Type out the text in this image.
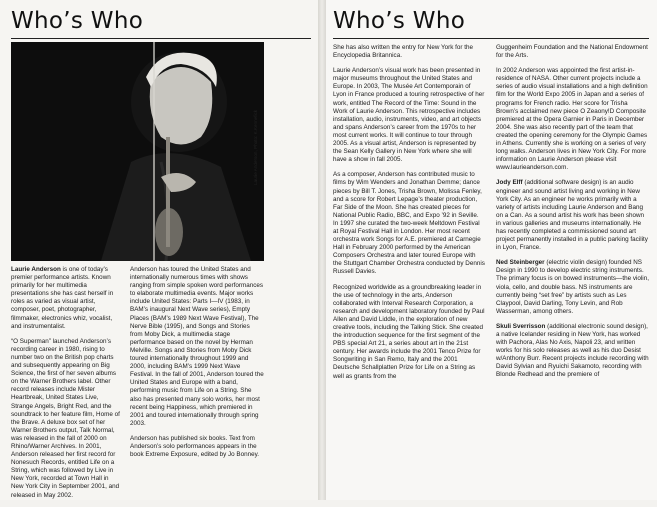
Who’s Who
Laurie Anderson, Photo: K.Kennefick

Laurie Anderson is one of today’s premier performance artists. Known primarily for her multimedia presentations she has cast herself in roles as varied as visual artist, composer, poet, photographer, filmmaker, electronics whiz, vocalist, and instrumentalist.

“O Superman” launched Anderson’s recording career in 1980, rising to number two on the British pop charts and subsequently appearing on Big Science, the first of her seven albums on the Warner Brothers label. Other record releases include Mister Heartbreak, United States Live, Strange Angels, Bright Red, and the soundtrack to her feature film, Home of the Brave. A deluxe box set of her Warner Brothers output, Talk Normal, was released in the fall of 2000 on Rhino/Warner Archives. In 2001, Anderson released her first record for Nonesuch Records, entitled Life on a String, which was followed by Live in New York, recorded at Town Hall in New York City in September 2001, and released in May 2002.

Anderson has toured the United States and internationally numerous times with shows ranging from simple spoken word performances to elaborate multimedia events. Major works include United States: Parts I—IV (1983, in BAM’s inaugural Next Wave series), Empty Places (BAM’s 1989 Next Wave Festival), The Nerve Bible (1995), and Songs and Stories from Moby Dick, a multimedia stage performance based on the novel by Herman Melville. Songs and Stories from Moby Dick toured internationally throughout 1999 and 2000, including BAM’s 1999 Next Wave Festival. In the fall of 2001, Anderson toured the United States and Europe with a band, performing music from Life on a String. She also has presented many solo works, her most recent being Happiness, which premiered in 2001 and toured internationally through spring 2003.

Anderson has published six books. Text from Anderson’s solo performances appears in the book Extreme Exposure, edited by Jo Bonney.

Who’s Who

She has also written the entry for New York for the Encyclopedia Britannica.

Laurie Anderson’s visual work has been presented in major museums throughout the United States and Europe. In 2003, The Musée Art Contemporain of Lyon in France produced a touring retrospective of her work, entitled The Record of the Time: Sound in the Work of Laurie Anderson. This retrospective includes installation, audio, instruments, video, and art objects and spans Anderson’s career from the 1970s to her most current works. It will continue to tour through 2005. As a visual artist, Anderson is represented by the Sean Kelly Gallery in New York where she will have a show in fall 2005.

As a composer, Anderson has contributed music to films by Wim Wenders and Jonathan Demme; dance pieces by Bill T. Jones, Trisha Brown, Molissa Fenley, and a score for Robert Lepage’s theater production, Far Side of the Moon. She has created pieces for National Public Radio, BBC, and Expo ’92 in Seville. In 1997 she curated the two-week Meltdown Festival at Royal Festival Hall in London. Her most recent orchestra work Songs for A.E. premiered at Carnegie Hall in February 2000 performed by the American Composers Orchestra and later toured Europe with the Stuttgart Chamber Orchestra conducted by Dennis Russell Davies.

Recognized worldwide as a groundbreaking leader in the use of technology in the arts, Anderson collaborated with Interval Research Corporation, a research and development laboratory founded by Paul Allen and David Liddle, in the exploration of new creative tools, including the Talking Stick. She created the introduction sequence for the first segment of the PBS special Art 21, a series about art in the 21st century. Her awards include the 2001 Tenco Prize for Songwriting in San Remo, Italy and the 2001 Deutsche Schallplatten Prize for Life on a String as well as grants from the

Guggenheim Foundation and the National Endowment for the Arts.

In 2002 Anderson was appointed the first artist-in-residence of NASA. Other current projects include a series of audio visual installations and a high definition film for the World Expo 2005 in Japan and a series of programs for French radio. Her score for Trisha Brown’s acclaimed new piece O Zeaony!D Composite premiered at the Opera Garnier in Paris in December 2004. She was also recently part of the team that created the opening ceremony for the Olympic Games in Athens. Currently she is working on a series of very long walks. Anderson lives in New York City. For more information on Laurie Anderson please visit www.laurieanderson.com.

Jody Elff (additional software design) is an audio engineer and sound artist living and working in New York City. As an engineer he works primarily with a variety of artists including Laurie Anderson and Bang on a Can. As a sound artist his work has been shown in various galleries and museums internationally. He has recently completed a commissioned sound art project permanently installed in a public parking facility in Lyon, France.

Ned Steinberger (electric violin design) founded NS Design in 1990 to develop electric string instruments. The primary focus is on bowed instruments—the violin, viola, cello, and double bass. NS instruments are currently being “set free” by artists such as Les Claypool, David Darling, Tony Levin, and Rob Wasserman, among others.

Skuli Sverrisson (additional electronic sound design), a native Icelander residing in New York, has worked with Pachora, Alas No Axis, Napoli 23, and written works for his solo releases as well as his duo Desist w/Anthony Burr. Recent projects include recording with David Sylvian and Ryuichi Sakamoto, recording with Blonde Redhead and the premiere of
